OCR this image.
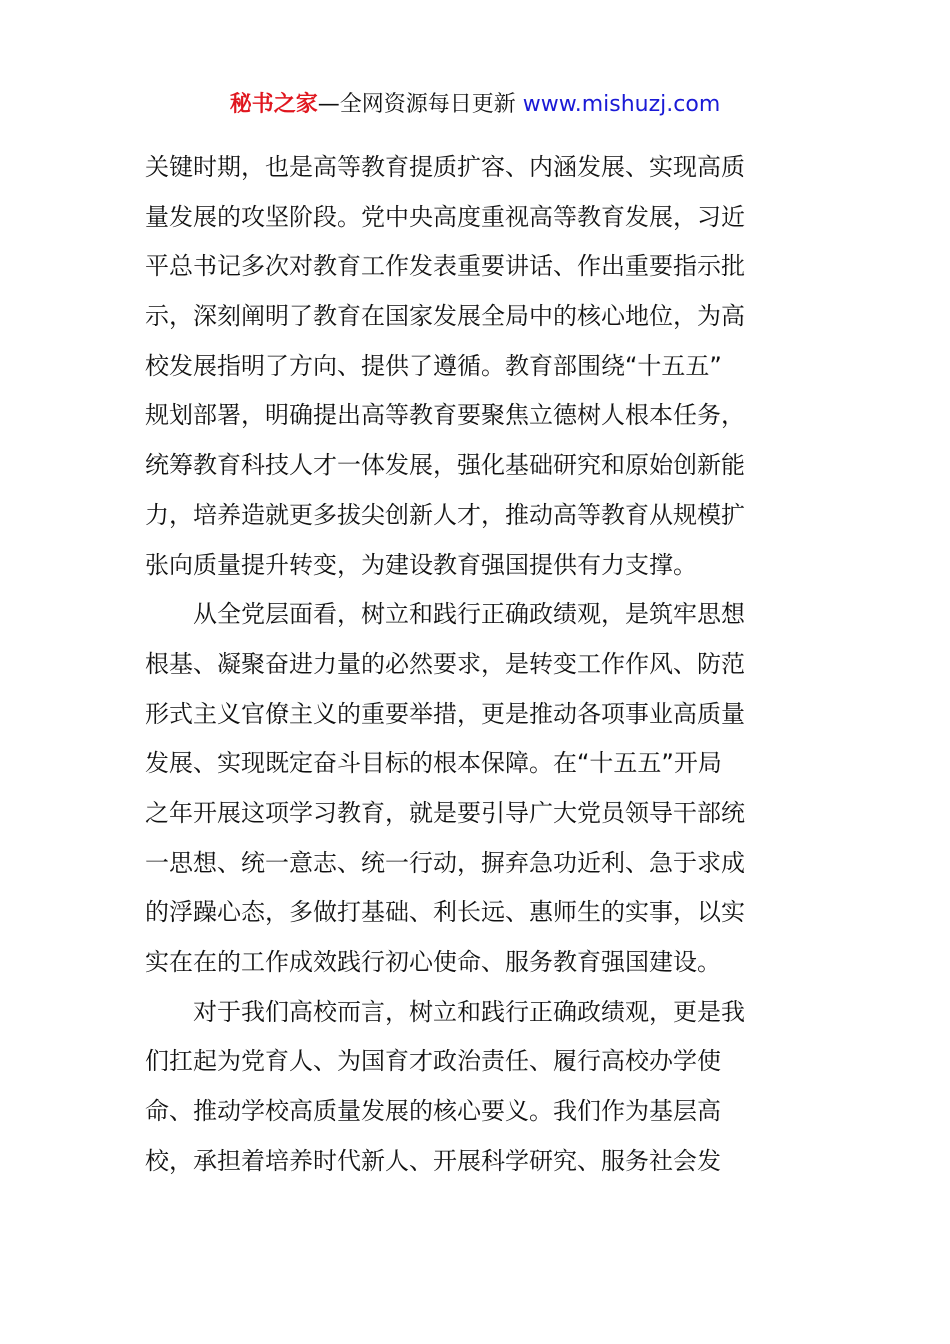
秘书之家—全网资源每日更新 www.mishuzj.com
关键时期，也是高等教育提质扩容、内涵发展、实现高质
量发展的攻坚阶段。党中央高度重视高等教育发展，习近
平总书记多次对教育工作发表重要讲话、作出重要指示批
示，深刻阐明了教育在国家发展全局中的核心地位，为高
校发展指明了方向、提供了遵循。教育部围绕“十五五”
规划部署，明确提出高等教育要聚焦立德树人根本任务，
统筹教育科技人才一体发展，强化基础研究和原始创新能
力，培养造就更多拔尖创新人才，推动高等教育从规模扩
张向质量提升转变，为建设教育强国提供有力支撑。
从全党层面看，树立和践行正确政绩观，是筑牢思想
根基、凝聚奋进力量的必然要求，是转变工作作风、防范
形式主义官僚主义的重要举措，更是推动各项事业高质量
发展、实现既定奋斗目标的根本保障。在“十五五”开局
之年开展这项学习教育，就是要引导广大党员领导干部统
一思想、统一意志、统一行动，摒弃急功近利、急于求成
的浮躁心态，多做打基础、利长远、惠师生的实事，以实
实在在的工作成效践行初心使命、服务教育强国建设。
对于我们高校而言，树立和践行正确政绩观，更是我
们扛起为党育人、为国育才政治责任、履行高校办学使
命、推动学校高质量发展的核心要义。我们作为基层高
校，承担着培养时代新人、开展科学研究、服务社会发
